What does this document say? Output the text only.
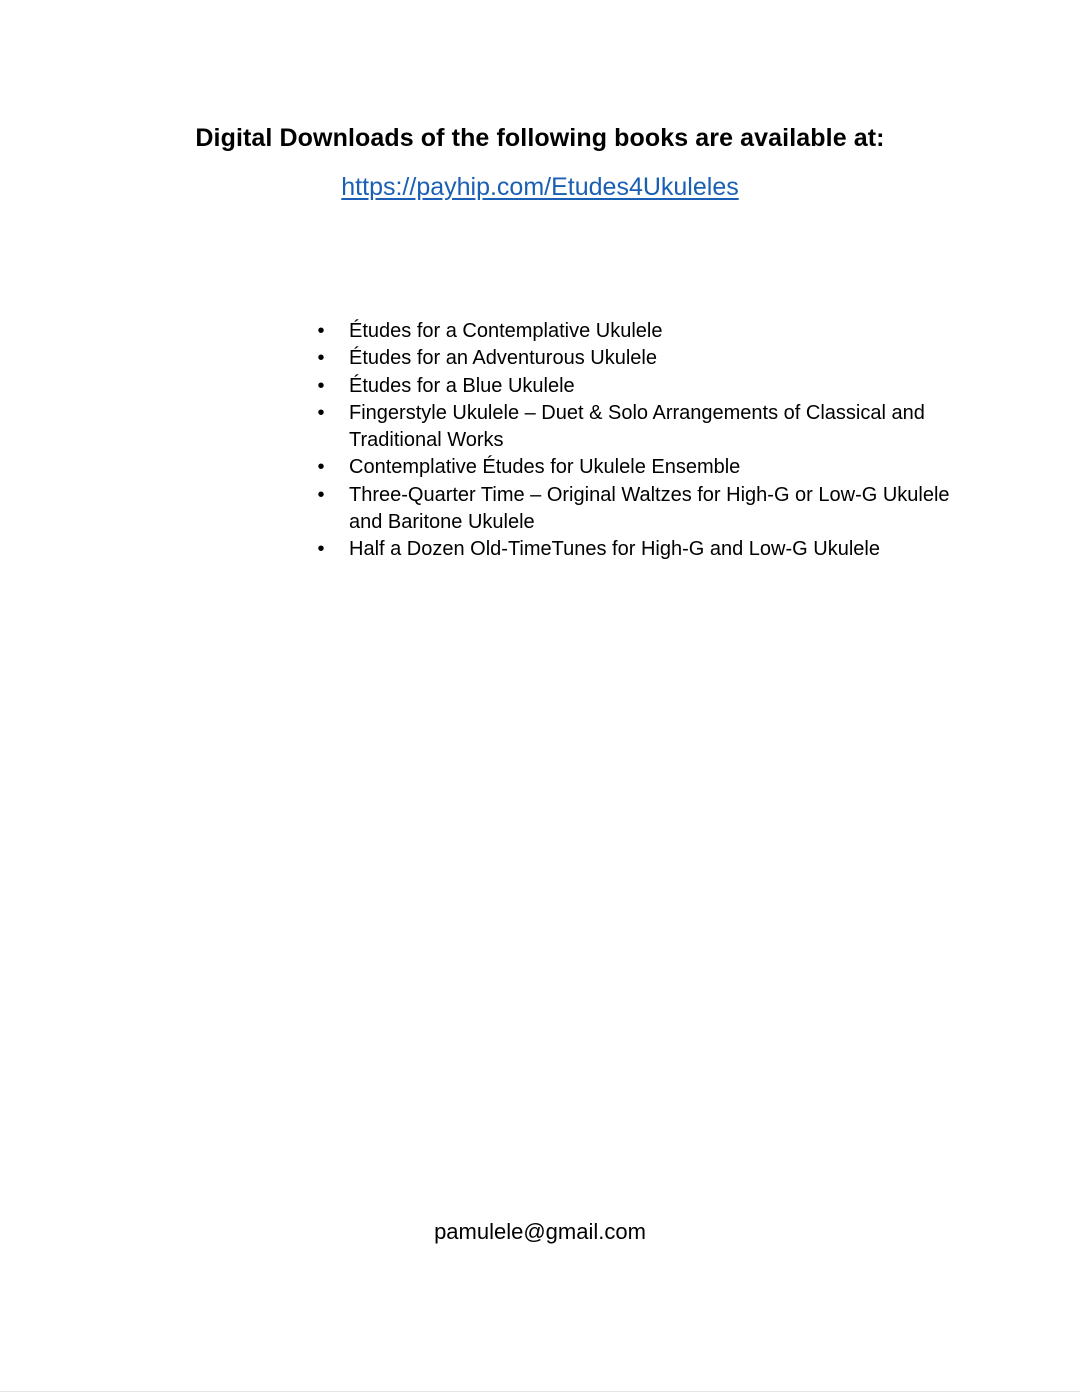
Digital Downloads of the following books are available at:
https://payhip.com/Etudes4Ukuleles
• Études for a Contemplative Ukulele
• Études for an Adventurous Ukulele
• Études for a Blue Ukulele
• Fingerstyle Ukulele – Duet & Solo Arrangements of Classical and Traditional Works
• Contemplative Études for Ukulele Ensemble
• Three-Quarter Time – Original Waltzes for High-G or Low-G Ukulele and Baritone Ukulele
• Half a Dozen Old-TimeTunes for High-G and Low-G Ukulele
pamulele@gmail.com
